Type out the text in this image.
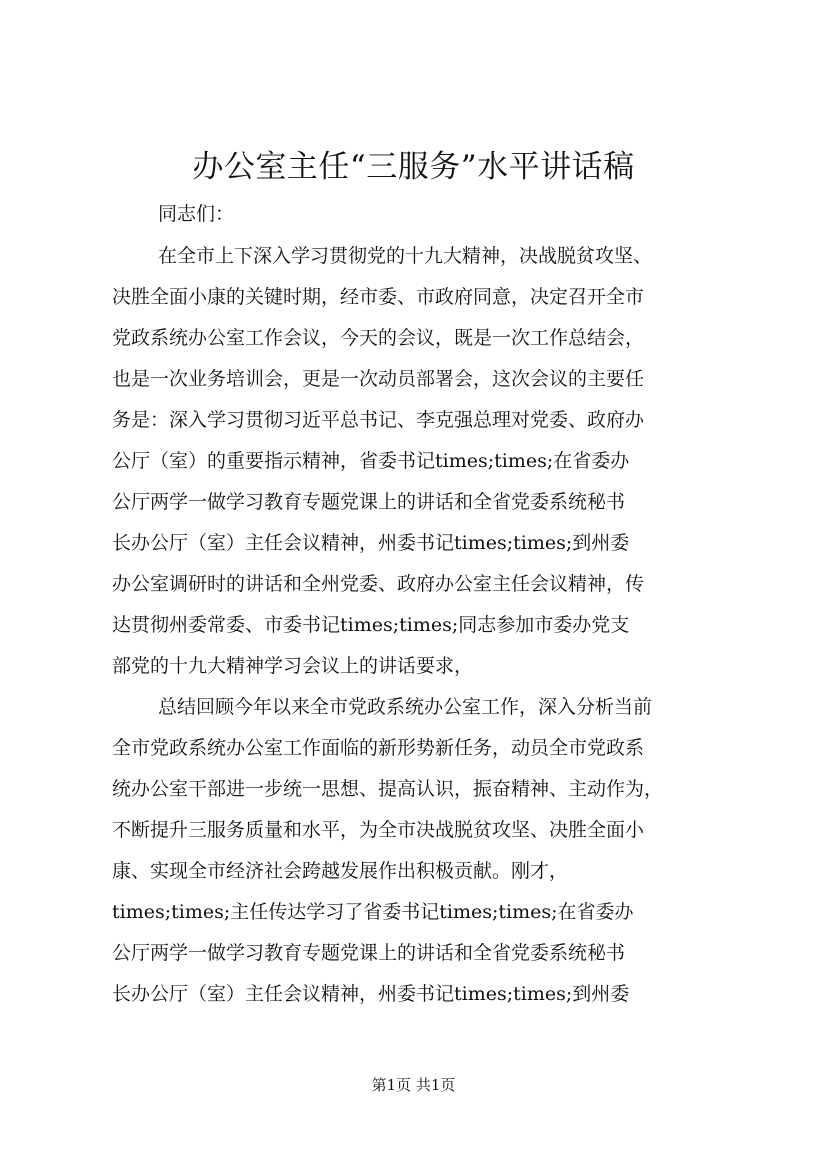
办公室主任“三服务”水平讲话稿
同志们：
在全市上下深入学习贯彻党的十九大精神，决战脱贫攻坚、
决胜全面小康的关键时期，经市委、市政府同意，决定召开全市
党政系统办公室工作会议，今天的会议，既是一次工作总结会，
也是一次业务培训会，更是一次动员部署会，这次会议的主要任
务是：深入学习贯彻习近平总书记、李克强总理对党委、政府办
公厅（室）的重要指示精神，省委书记times;times;在省委办
公厅两学一做学习教育专题党课上的讲话和全省党委系统秘书
长办公厅（室）主任会议精神，州委书记times;times;到州委
办公室调研时的讲话和全州党委、政府办公室主任会议精神，传
达贯彻州委常委、市委书记times;times;同志参加市委办党支
部党的十九大精神学习会议上的讲话要求，
总结回顾今年以来全市党政系统办公室工作，深入分析当前
全市党政系统办公室工作面临的新形势新任务，动员全市党政系
统办公室干部进一步统一思想、提高认识，振奋精神、主动作为，
不断提升三服务质量和水平，为全市决战脱贫攻坚、决胜全面小
康、实现全市经济社会跨越发展作出积极贡献。刚才，
times;times;主任传达学习了省委书记times;times;在省委办
公厅两学一做学习教育专题党课上的讲话和全省党委系统秘书
长办公厅（室）主任会议精神，州委书记times;times;到州委
第1页 共1页
